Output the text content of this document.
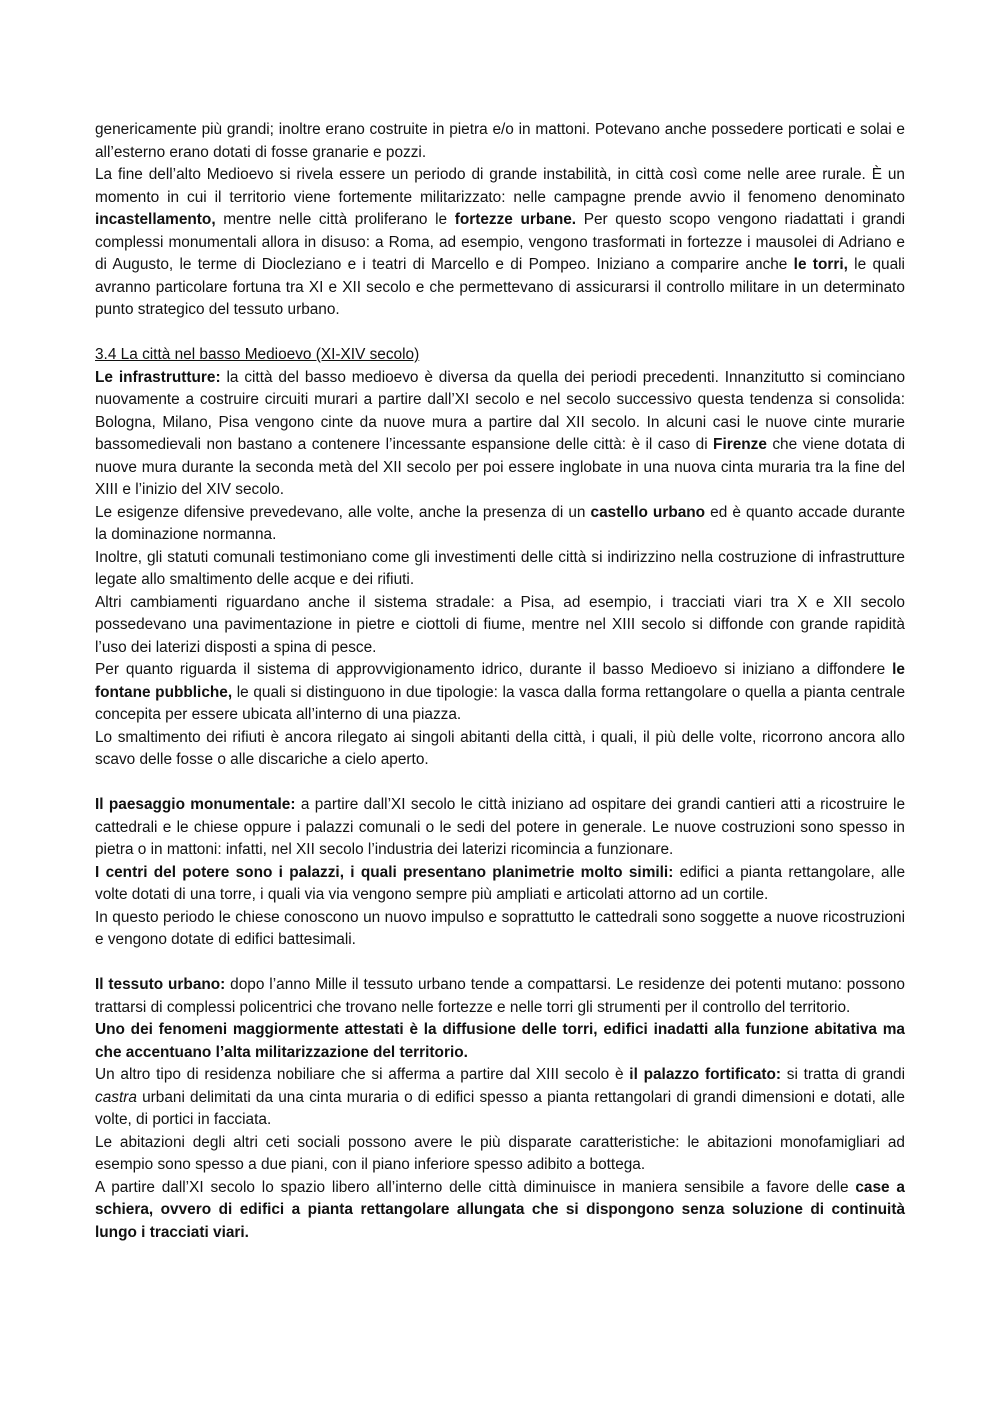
genericamente più grandi; inoltre erano costruite in pietra e/o in mattoni. Potevano anche possedere porticati e solai e all’esterno erano dotati di fosse granarie e pozzi.

La fine dell’alto Medioevo si rivela essere un periodo di grande instabilità, in città così come nelle aree rurale. È un momento in cui il territorio viene fortemente militarizzato: nelle campagne prende avvio il fenomeno denominato incastellamento, mentre nelle città proliferano le fortezze urbane. Per questo scopo vengono riadattati i grandi complessi monumentali allora in disuso: a Roma, ad esempio, vengono trasformati in fortezze i mausolei di Adriano e di Augusto, le terme di Diocleziano e i teatri di Marcello e di Pompeo. Iniziano a comparire anche le torri, le quali avranno particolare fortuna tra XI e XII secolo e che permettevano di assicurarsi il controllo militare in un determinato punto strategico del tessuto urbano.

3.4 La città nel basso Medioevo (XI-XIV secolo)

Le infrastrutture: la città del basso medioevo è diversa da quella dei periodi precedenti. Innanzitutto si cominciano nuovamente a costruire circuiti murari a partire dall’XI secolo e nel secolo successivo questa tendenza si consolida: Bologna, Milano, Pisa vengono cinte da nuove mura a partire dal XII secolo. In alcuni casi le nuove cinte murarie bassomedievali non bastano a contenere l’incessante espansione delle città: è il caso di Firenze che viene dotata di nuove mura durante la seconda metà del XII secolo per poi essere inglobate in una nuova cinta muraria tra la fine del XIII e l’inizio del XIV secolo.

Le esigenze difensive prevedevano, alle volte, anche la presenza di un castello urbano ed è quanto accade durante la dominazione normanna.

Inoltre, gli statuti comunali testimoniano come gli investimenti delle città si indirizzino nella costruzione di infrastrutture legate allo smaltimento delle acque e dei rifiuti.

Altri cambiamenti riguardano anche il sistema stradale: a Pisa, ad esempio, i tracciati viari tra X e XII secolo possedevano una pavimentazione in pietre e ciottoli di fiume, mentre nel XIII secolo si diffonde con grande rapidità l’uso dei laterizi disposti a spina di pesce.

Per quanto riguarda il sistema di approvvigionamento idrico, durante il basso Medioevo si iniziano a diffondere le fontane pubbliche, le quali si distinguono in due tipologie: la vasca dalla forma rettangolare o quella a pianta centrale concepita per essere ubicata all’interno di una piazza.

Lo smaltimento dei rifiuti è ancora rilegato ai singoli abitanti della città, i quali, il più delle volte, ricorrono ancora allo scavo delle fosse o alle discariche a cielo aperto.

Il paesaggio monumentale: a partire dall’XI secolo le città iniziano ad ospitare dei grandi cantieri atti a ricostruire le cattedrali e le chiese oppure i palazzi comunali o le sedi del potere in generale. Le nuove costruzioni sono spesso in pietra o in mattoni: infatti, nel XII secolo l’industria dei laterizi ricomincia a funzionare.

I centri del potere sono i palazzi, i quali presentano planimetrie molto simili: edifici a pianta rettangolare, alle volte dotati di una torre, i quali via via vengono sempre più ampliati e articolati attorno ad un cortile.

In questo periodo le chiese conoscono un nuovo impulso e soprattutto le cattedrali sono soggette a nuove ricostruzioni e vengono dotate di edifici battesimali.

Il tessuto urbano: dopo l’anno Mille il tessuto urbano tende a compattarsi. Le residenze dei potenti mutano: possono trattarsi di complessi policentrici che trovano nelle fortezze e nelle torri gli strumenti per il controllo del territorio.

Uno dei fenomeni maggiormente attestati è la diffusione delle torri, edifici inadatti alla funzione abitativa ma che accentuano l’alta militarizzazione del territorio.

Un altro tipo di residenza nobiliare che si afferma a partire dal XIII secolo è il palazzo fortificato: si tratta di grandi castra urbani delimitati da una cinta muraria o di edifici spesso a pianta rettangolari di grandi dimensioni e dotati, alle volte, di portici in facciata.

Le abitazioni degli altri ceti sociali possono avere le più disparate caratteristiche: le abitazioni monofamigliari ad esempio sono spesso a due piani, con il piano inferiore spesso adibito a bottega.

A partire dall’XI secolo lo spazio libero all’interno delle città diminuisce in maniera sensibile a favore delle case a schiera, ovvero di edifici a pianta rettangolare allungata che si dispongono senza soluzione di continuità lungo i tracciati viari.
